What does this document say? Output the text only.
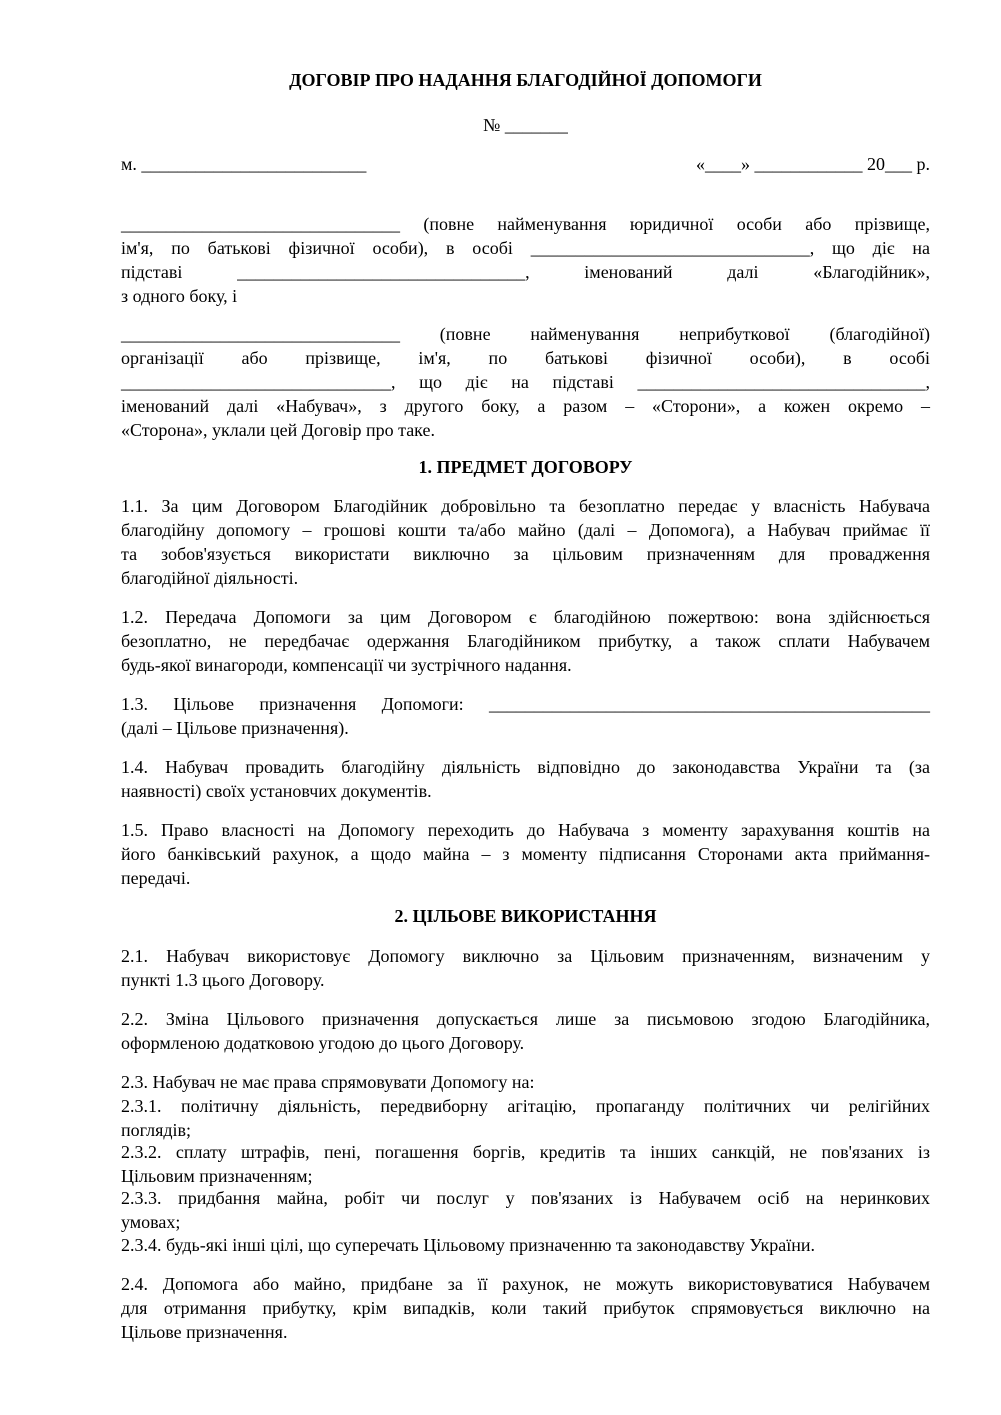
ДОГОВІР ПРО НАДАННЯ БЛАГОДІЙНОЇ ДОПОМОГИ
№ _______
м. _________________________	«____» ____________ 20___ р.
_______________________________ (повне найменування юридичної особи або прізвище,
ім'я, по батькові фізичної особи), в особі _______________________________, що діє на
підставі ________________________________, іменований далі «Благодійник»,
з одного боку, і
_______________________________ (повне найменування неприбуткової (благодійної)
організації або прізвище, ім'я, по батькові фізичної особи), в особі
______________________________, що діє на підставі ________________________________,
іменований далі «Набувач», з другого боку, а разом – «Сторони», а кожен окремо –
«Сторона», уклали цей Договір про таке.
1. ПРЕДМЕТ ДОГОВОРУ
1.1. За цим Договором Благодійник добровільно та безоплатно передає у власність Набувача
благодійну допомогу – грошові кошти та/або майно (далі – Допомога), а Набувач приймає її
та зобов'язується використати виключно за цільовим призначенням для провадження
благодійної діяльності.
1.2. Передача Допомоги за цим Договором є благодійною пожертвою: вона здійснюється
безоплатно, не передбачає одержання Благодійником прибутку, а також сплати Набувачем
будь-якої винагороди, компенсації чи зустрічного надання.
1.3. Цільове призначення Допомоги: _________________________________________________
(далі – Цільове призначення).
1.4. Набувач провадить благодійну діяльність відповідно до законодавства України та (за
наявності) своїх установчих документів.
1.5. Право власності на Допомогу переходить до Набувача з моменту зарахування коштів на
його банківський рахунок, а щодо майна – з моменту підписання Сторонами акта приймання-
передачі.
2. ЦІЛЬОВЕ ВИКОРИСТАННЯ
2.1. Набувач використовує Допомогу виключно за Цільовим призначенням, визначеним у
пункті 1.3 цього Договору.
2.2. Зміна Цільового призначення допускається лише за письмовою згодою Благодійника,
оформленою додатковою угодою до цього Договору.
2.3. Набувач не має права спрямовувати Допомогу на:
2.3.1. політичну діяльність, передвиборну агітацію, пропаганду політичних чи релігійних
поглядів;
2.3.2. сплату штрафів, пені, погашення боргів, кредитів та інших санкцій, не пов'язаних із
Цільовим призначенням;
2.3.3. придбання майна, робіт чи послуг у пов'язаних із Набувачем осіб на неринкових
умовах;
2.3.4. будь-які інші цілі, що суперечать Цільовому призначенню та законодавству України.
2.4. Допомога або майно, придбане за її рахунок, не можуть використовуватися Набувачем
для отримання прибутку, крім випадків, коли такий прибуток спрямовується виключно на
Цільове призначення.
